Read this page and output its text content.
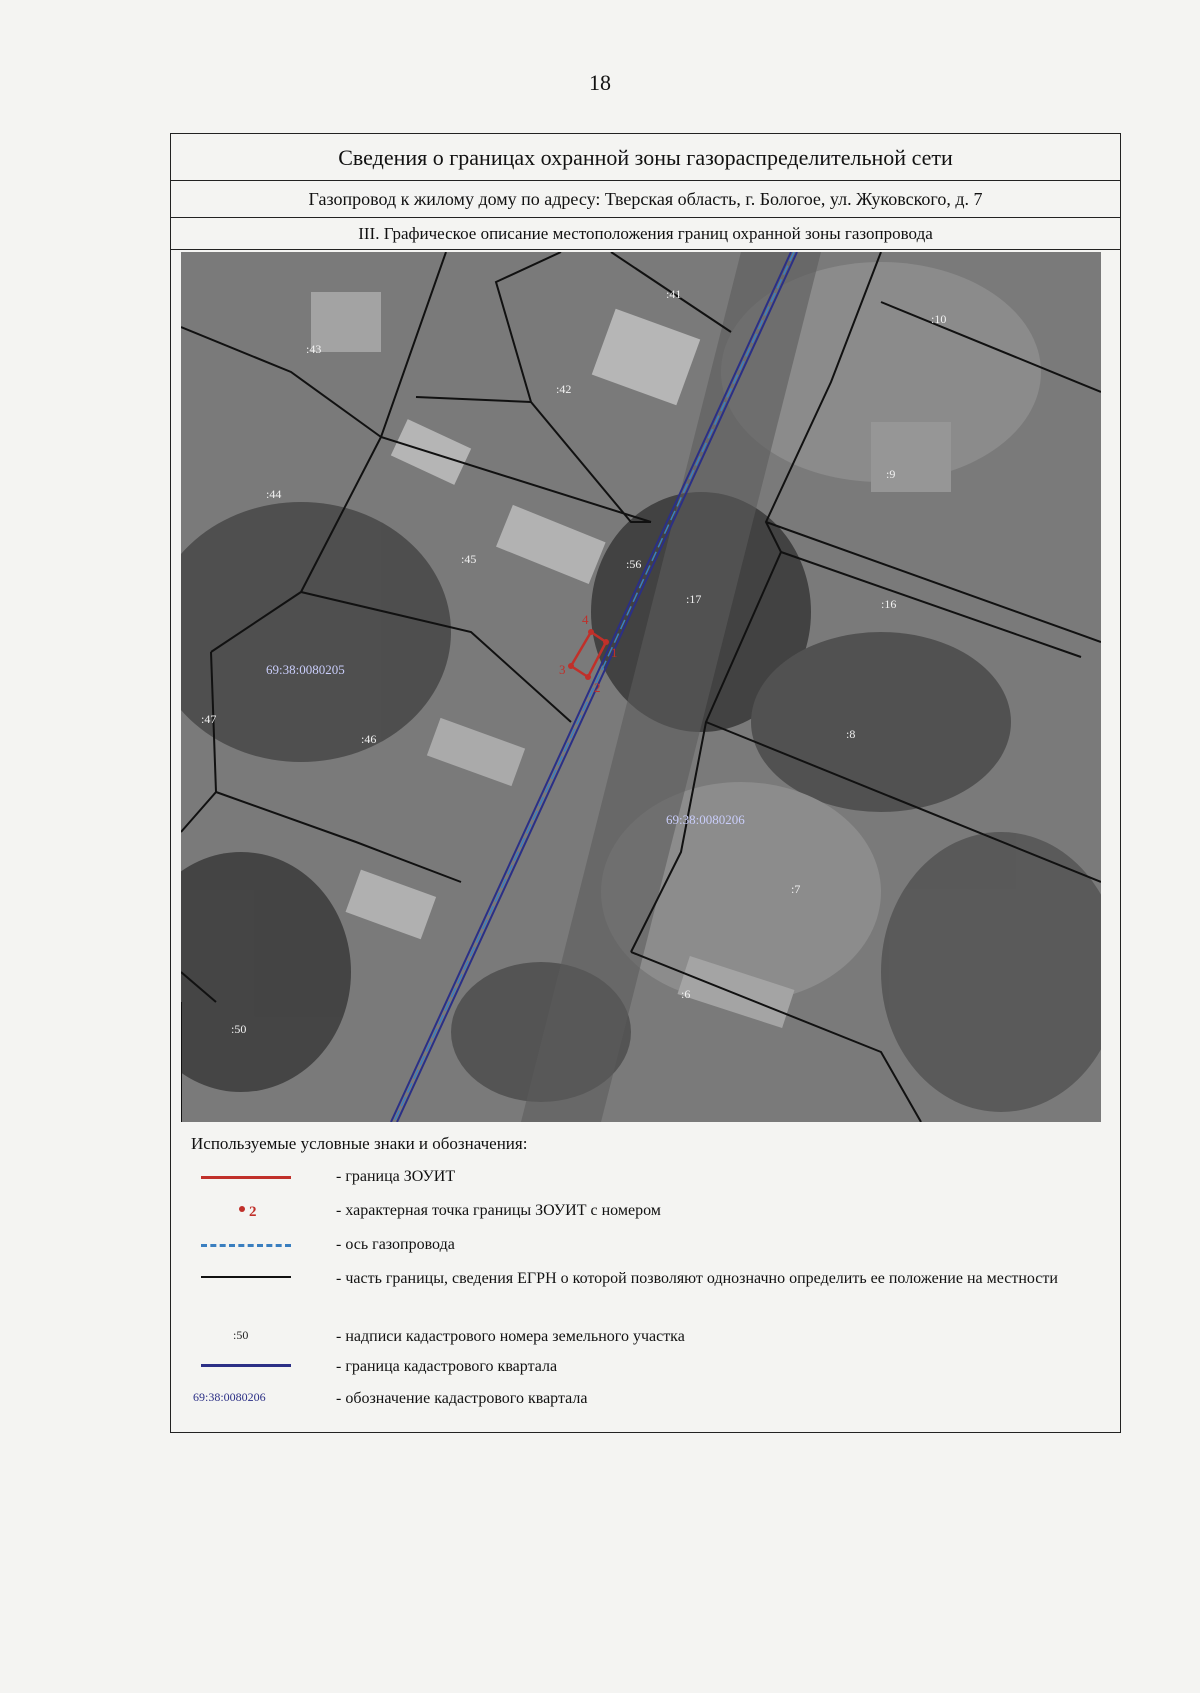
18
Сведения о границах охранной зоны газораспределительной сети
Газопровод к жилому дому по адресу: Тверская область, г. Бологое, ул. Жуковского, д. 7
III. Графическое описание местоположения границ охранной зоны газопровода
1
2
3
4
:43
:42
:41
:10
:44
:9
:45	:56
:17	:16
:47
:46	:8
:7
:6
:50
69:38:0080205
69:38:0080206
Используемые условные знаки и обозначения:
- граница ЗОУИТ
2	- характерная точка границы ЗОУИТ с номером
- ось газопровода
- часть границы, сведения ЕГРН о которой позволяют однозначно определить ее положение на местности
:50	- надписи кадастрового номера земельного участка
- граница кадастрового квартала
69:38:0080206	- обозначение кадастрового квартала
